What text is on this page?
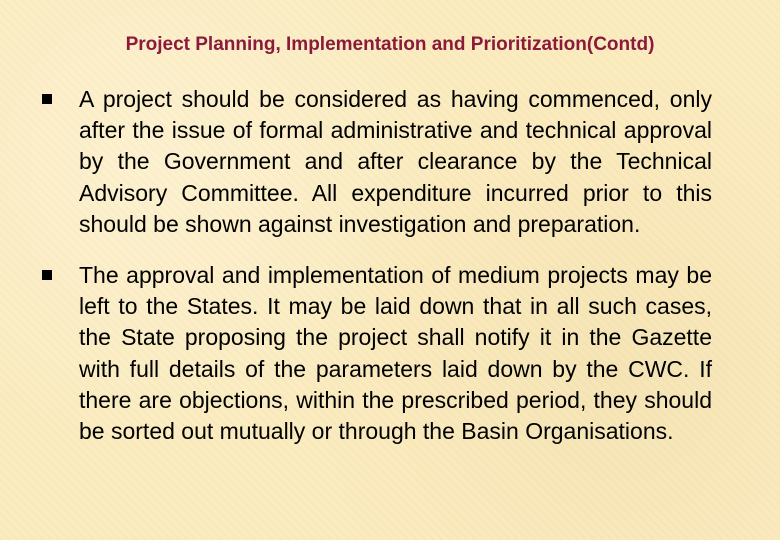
Project Planning, Implementation and Prioritization(Contd)
A project should be considered as having commenced, only after the issue of formal administrative and technical approval by the Government and after clearance by the Technical Advisory Committee. All expenditure incurred prior to this should be shown against investigation and preparation.
The approval and implementation of medium projects may be left to the States. It may be laid down that in all such cases, the State proposing the project shall notify it in the Gazette with full details of the parameters laid down by the CWC. If there are objections, within the prescribed period, they should be sorted out mutually or through the Basin Organisations.
